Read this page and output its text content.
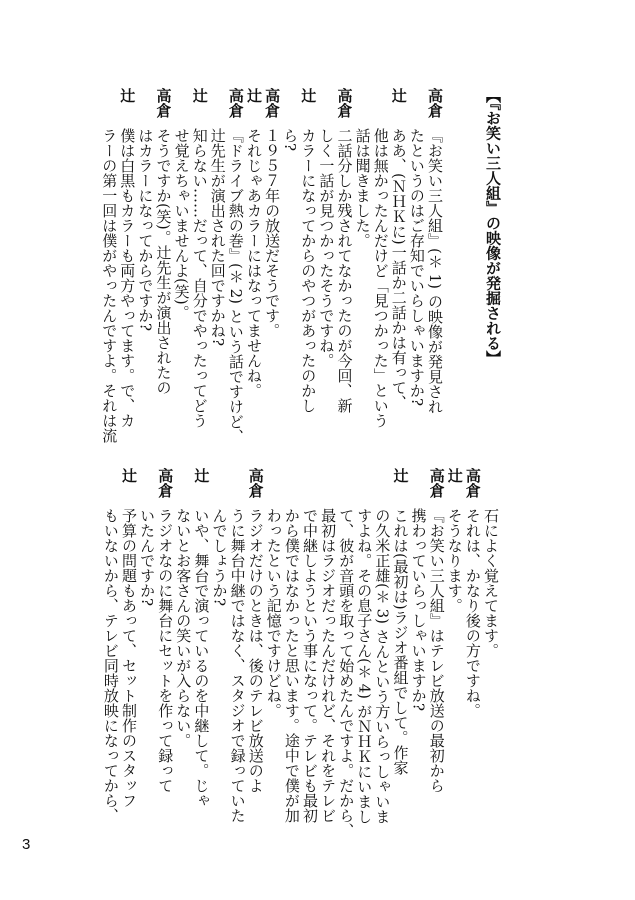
【『お笑い三人組』の映像が発掘される】
高倉
『お笑い三人組』(＊ 1) の映像が発見され
たというのはご存知でいらしゃいますか?
辻
ああ、(ＮＨＫに)一話か二話かは有って、
他は無かったんだけど「見つかった」という
話は聞きました。
高倉
二話分しか残されてなかったのが今回、新
しく一話が見つかったそうですね。
辻
カラーになってからのやつがあったのかし
ら?
高倉
１９５７年の放送だそうです。
辻
それじゃあカラーにはなってませんね。
高倉
『ドライブ熱の巻』(＊ 2) という話ですけど、
辻先生が演出された回ですかね?
辻
知らない……だって、自分でやったってどう
せ覚えちゃいませんよ(笑)。
高倉
そうですか(笑)。辻先生が演出されたの
はカラーになってからですか?
辻
僕は白黒もカラーも両方やってます。で、カ
ラーの第一回は僕がやったんですよ。それは流
石によく覚えてます。
高倉
それは、かなり後の方ですね。
辻
そうなります。
高倉
『お笑い三人組』はテレビ放送の最初から
携わっていらっしゃいますか?
辻
これは(最初は)ラジオ番組でして。作家
の久米正雄(＊ 3) さんという方いらっしゃいま
すよね。その息子さん(＊ 4) がＮＨＫにいまし
て、彼が音頭を取って始めたんですよ。だから、
最初はラジオだったんだけれど、それをテレビ
で中継しようという事になって。テレビも最初
から僕ではなかったと思います。途中で僕が加
わったという記憶ですけどね。
高倉
ラジオだけのときは、後のテレビ放送のよ
うに舞台中継ではなく、スタジオで録っていた
んでしょうか?
辻
いや、舞台で演っているのを中継して。じゃ
ないとお客さんの笑いが入らない。
高倉
ラジオなのに舞台にセットを作って録って
いたんですか?
辻
予算の問題もあって、セット制作のスタッフ
もいないから、テレビ同時放映になってから、
3
